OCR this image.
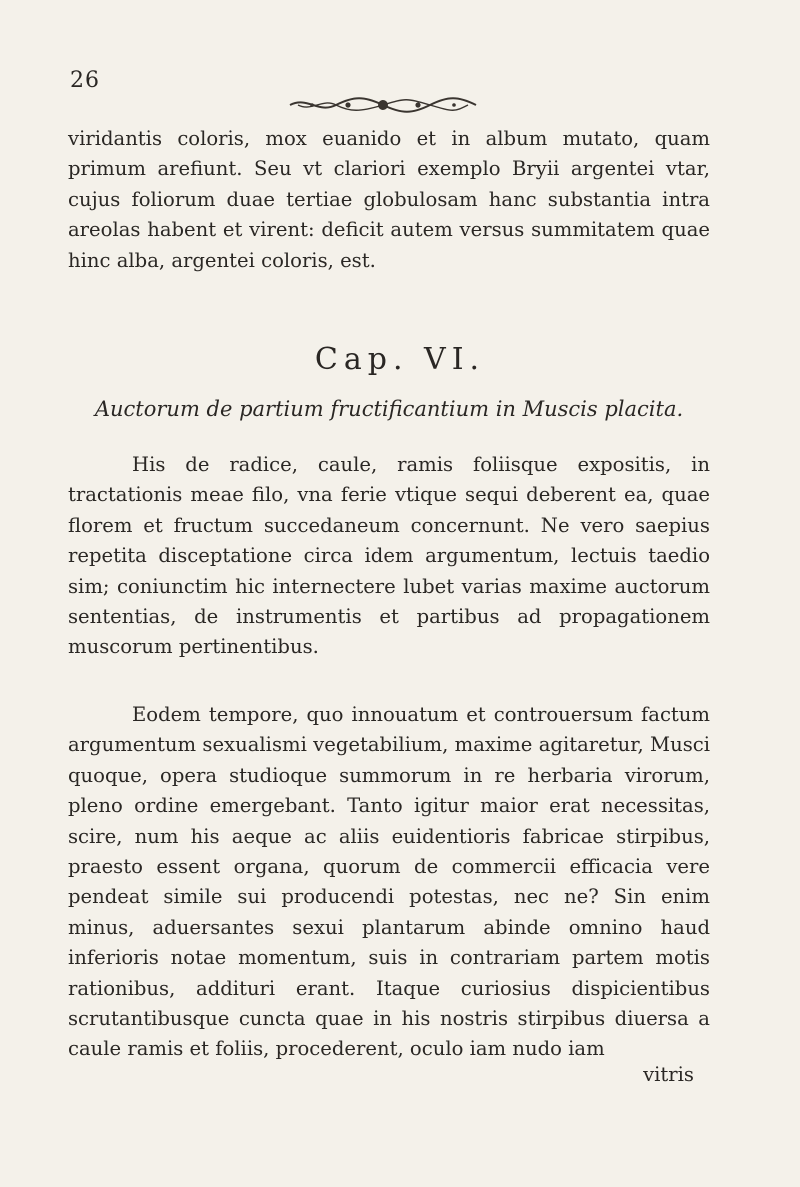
26
viridantis coloris, mox euanido et in album mutato, quam primum arefiunt. Seu vt clariori exemplo Bryii argentei vtar, cujus foliorum duae tertiae globulosam hanc substantia intra areolas habent et virent: deficit autem versus summitatem quae hinc alba, argentei coloris, est.
Cap. VI.
Auctorum de partium fructificantium in Muscis placita.
His de radice, caule, ramis foliisque expositis, in tractationis meae filo, vna ferie vtique sequi deberent ea, quae florem et fructum succedaneum concernunt. Ne vero saepius repetita disceptatione circa idem argumentum, lectuis taedio sim; coniunctim hic internectere lubet varias maxime auctorum sententias, de instrumentis et partibus ad propagationem muscorum pertinentibus.
Eodem tempore, quo innouatum et controuersum factum argumentum sexualismi vegetabilium, maxime agitaretur, Musci quoque, opera studioque summorum in re herbaria virorum, pleno ordine emergebant. Tanto igitur maior erat necessitas, scire, num his aeque ac aliis euidentioris fabricae stirpibus, praesto essent organa, quorum de commercii efficacia vere pendeat simile sui producendi potestas, nec ne? Sin enim minus, aduersantes sexui plantarum abinde omnino haud inferioris notae momentum, suis in contrariam partem motis rationibus, addituri erant. Itaque curiosius dispicientibus scrutantibusque cuncta quae in his nostris stirpibus diuersa a caule ramis et foliis, procederent, oculo iam nudo iam
vitris
